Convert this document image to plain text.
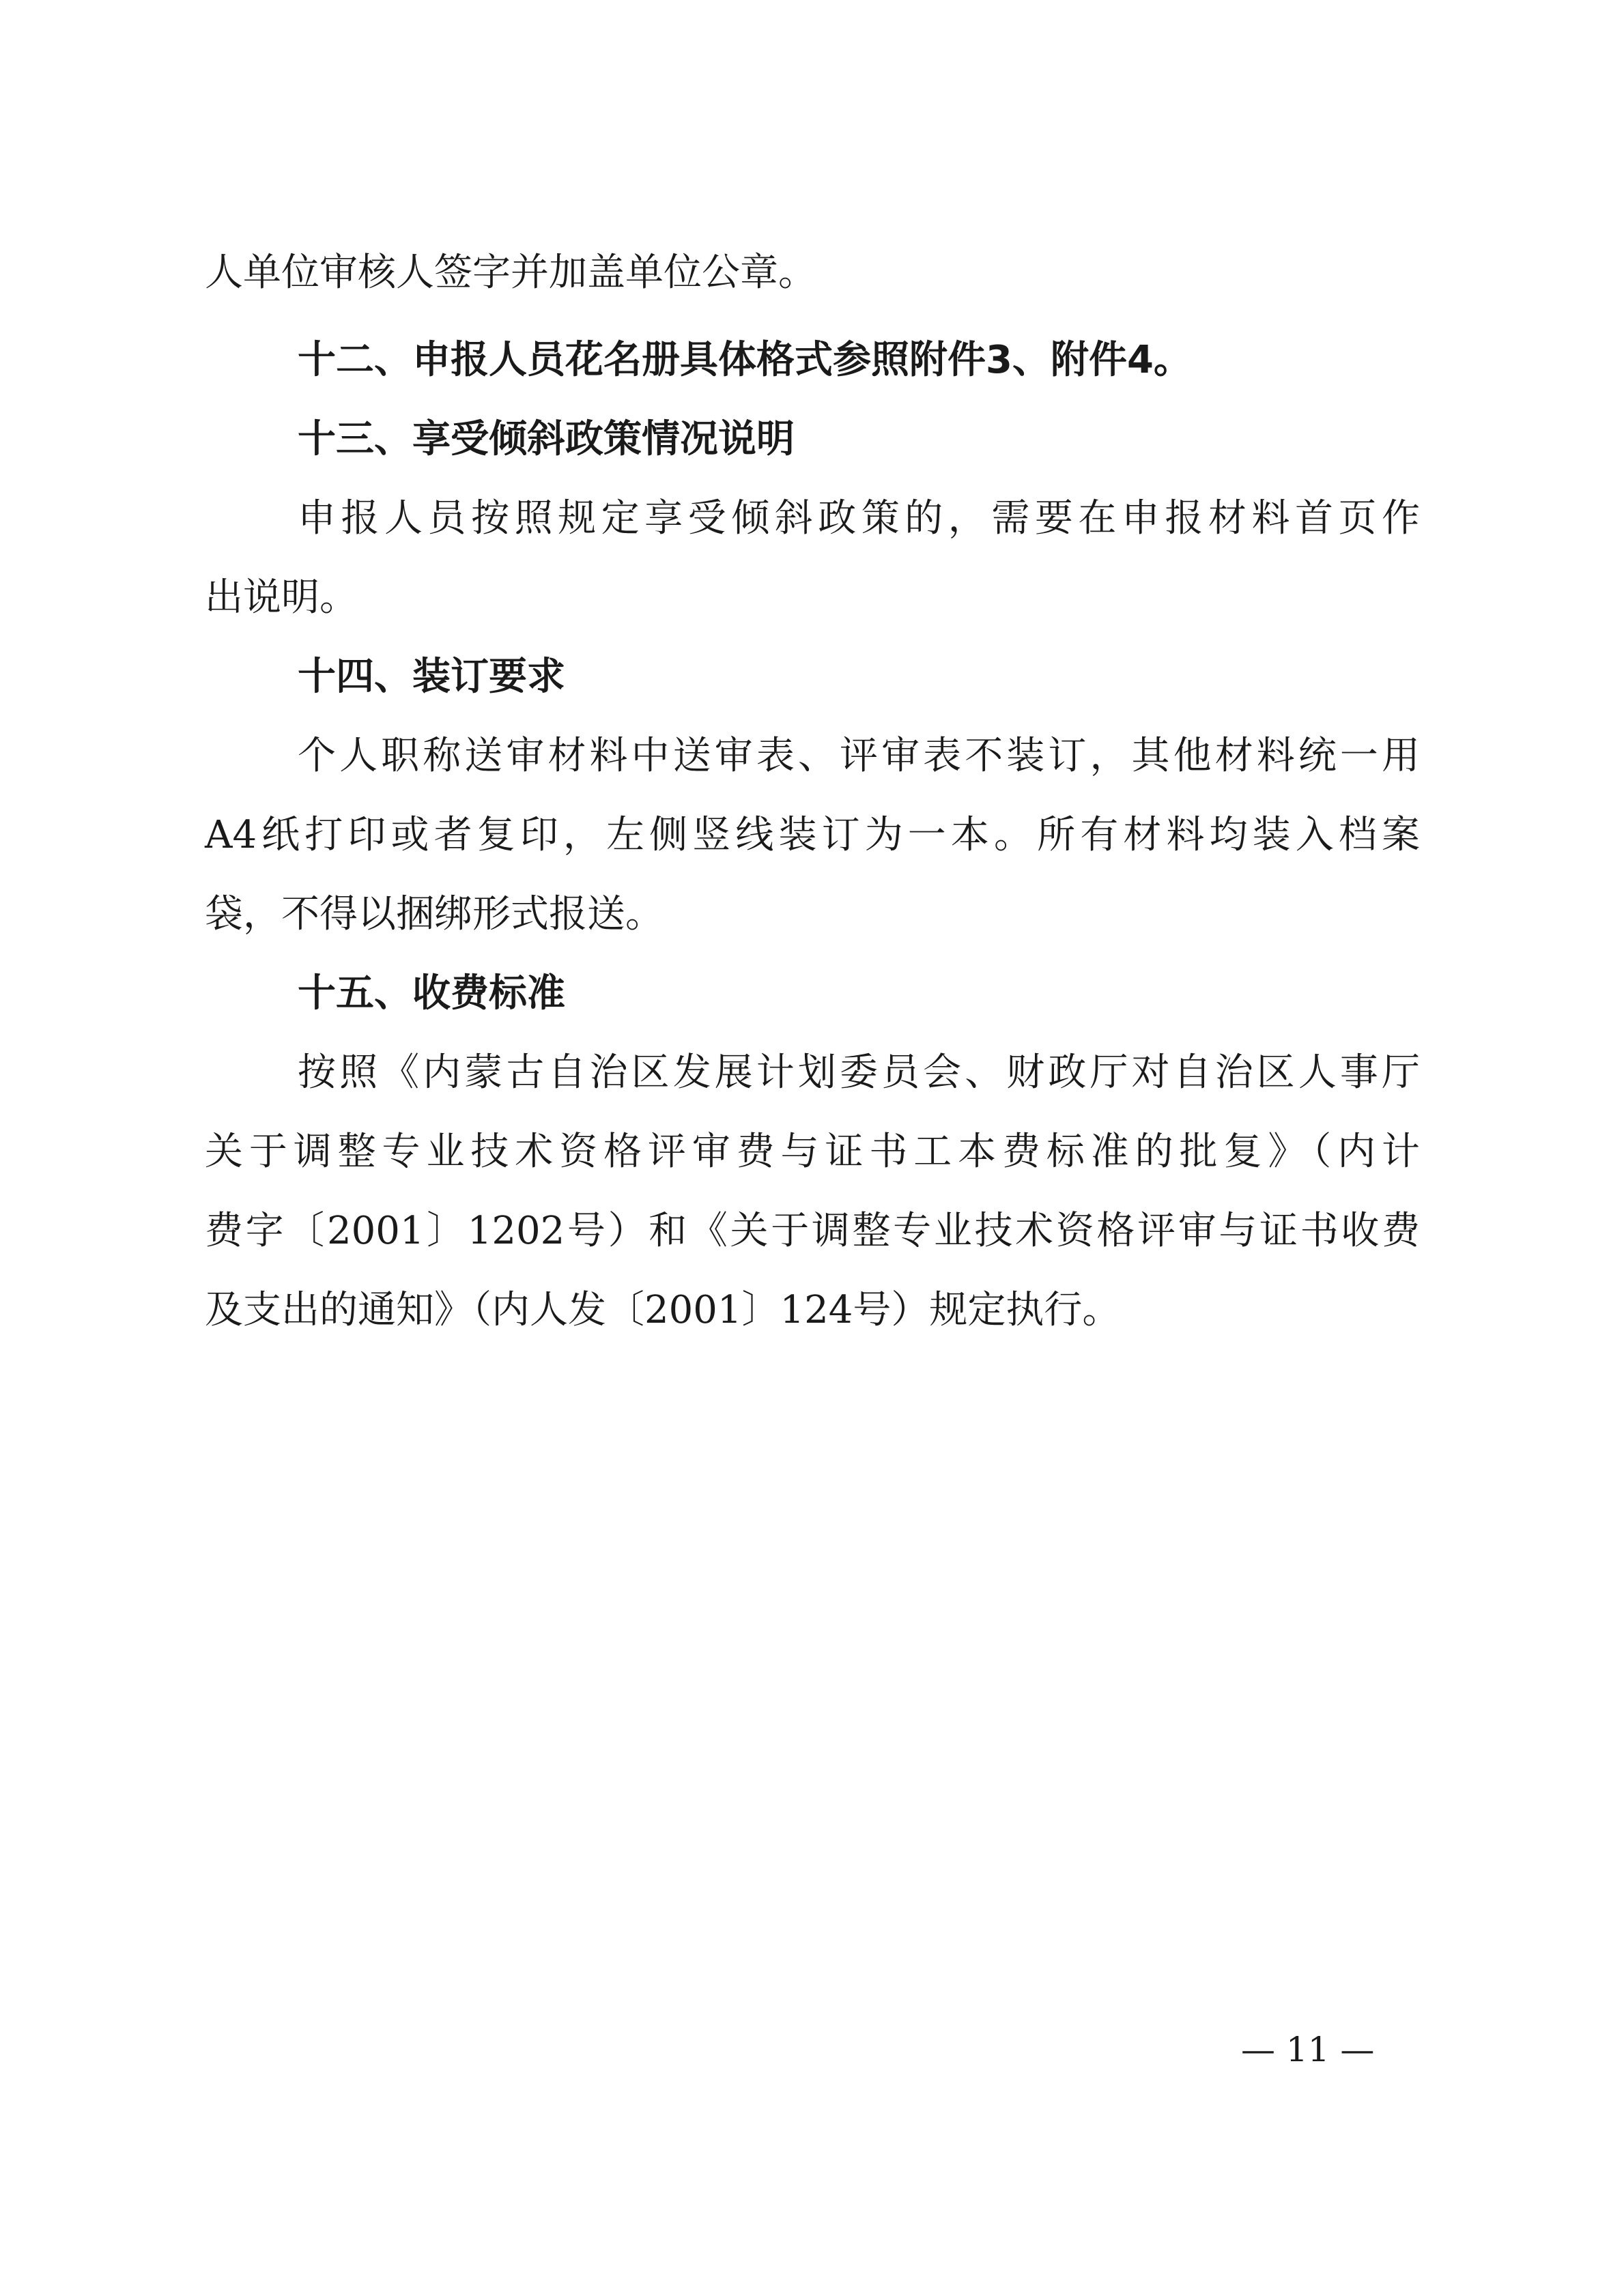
人单位审核人签字并加盖单位公章。
十二、申报人员花名册具体格式参照附件3、附件4。
十三、享受倾斜政策情况说明
申报人员按照规定享受倾斜政策的，需要在申报材料首页作
出说明。
十四、装订要求
个人职称送审材料中送审表、评审表不装订，其他材料统一用
A4纸打印或者复印，左侧竖线装订为一本。所有材料均装入档案
袋，不得以捆绑形式报送。
十五、收费标准
按照《内蒙古自治区发展计划委员会、财政厅对自治区人事厅
关于调整专业技术资格评审费与证书工本费标准的批复》（内计
费字〔2001〕1202号）和《关于调整专业技术资格评审与证书收费
及支出的通知》（内人发〔2001〕124号）规定执行。
— 11 —
